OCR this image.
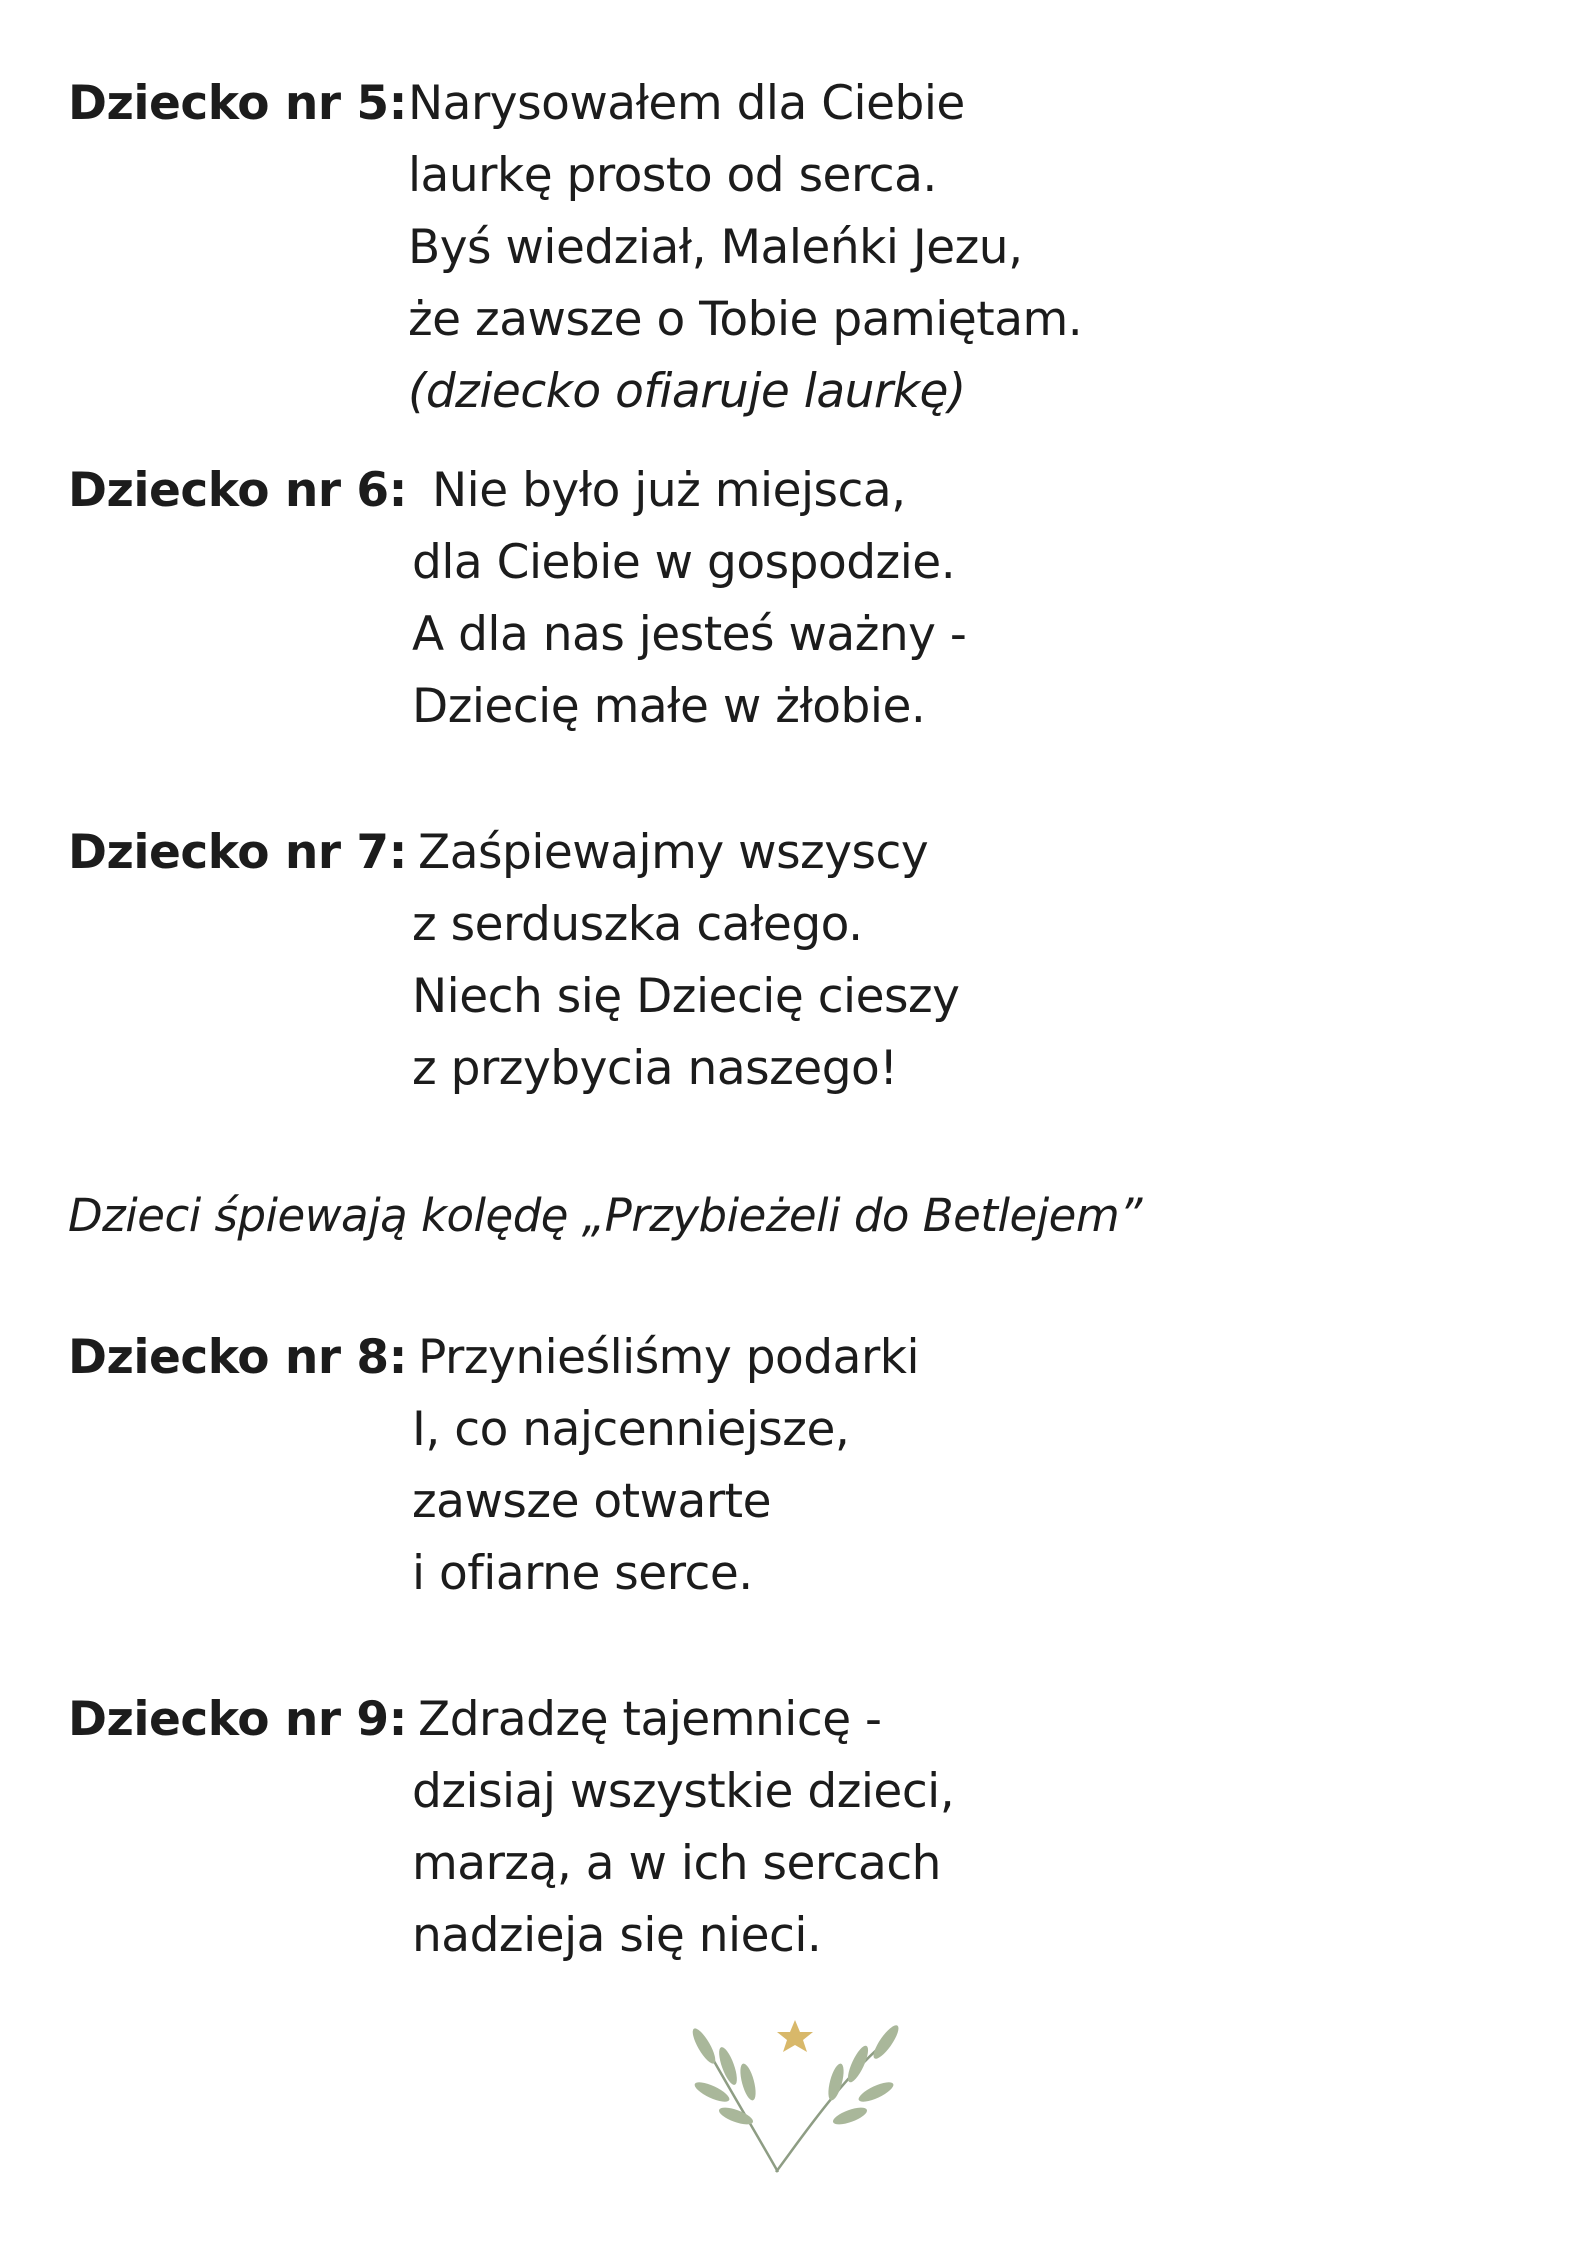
Dziecko nr 5: Narysowałem dla Ciebie
laurkę prosto od serca.
Byś wiedział, Maleńki Jezu,
że zawsze o Tobie pamiętam.
(dziecko ofiaruje laurkę)
Dziecko nr 6: Nie było już miejsca,
dla Ciebie w gospodzie.
A dla nas jesteś ważny -
Dziecię małe w żłobie.
Dziecko nr 7: Zaśpiewajmy wszyscy
z serduszka całego.
Niech się Dziecię cieszy
z przybycia naszego!
Dzieci śpiewają kolędę „Przybieżeli do Betlejem”
Dziecko nr 8: Przynieśliśmy podarki
I, co najcenniejsze,
zawsze otwarte
i ofiarne serce.
Dziecko nr 9: Zdradzę tajemnicę -
dzisiaj wszystkie dzieci,
marzą, a w ich sercach
nadzieja się nieci.
